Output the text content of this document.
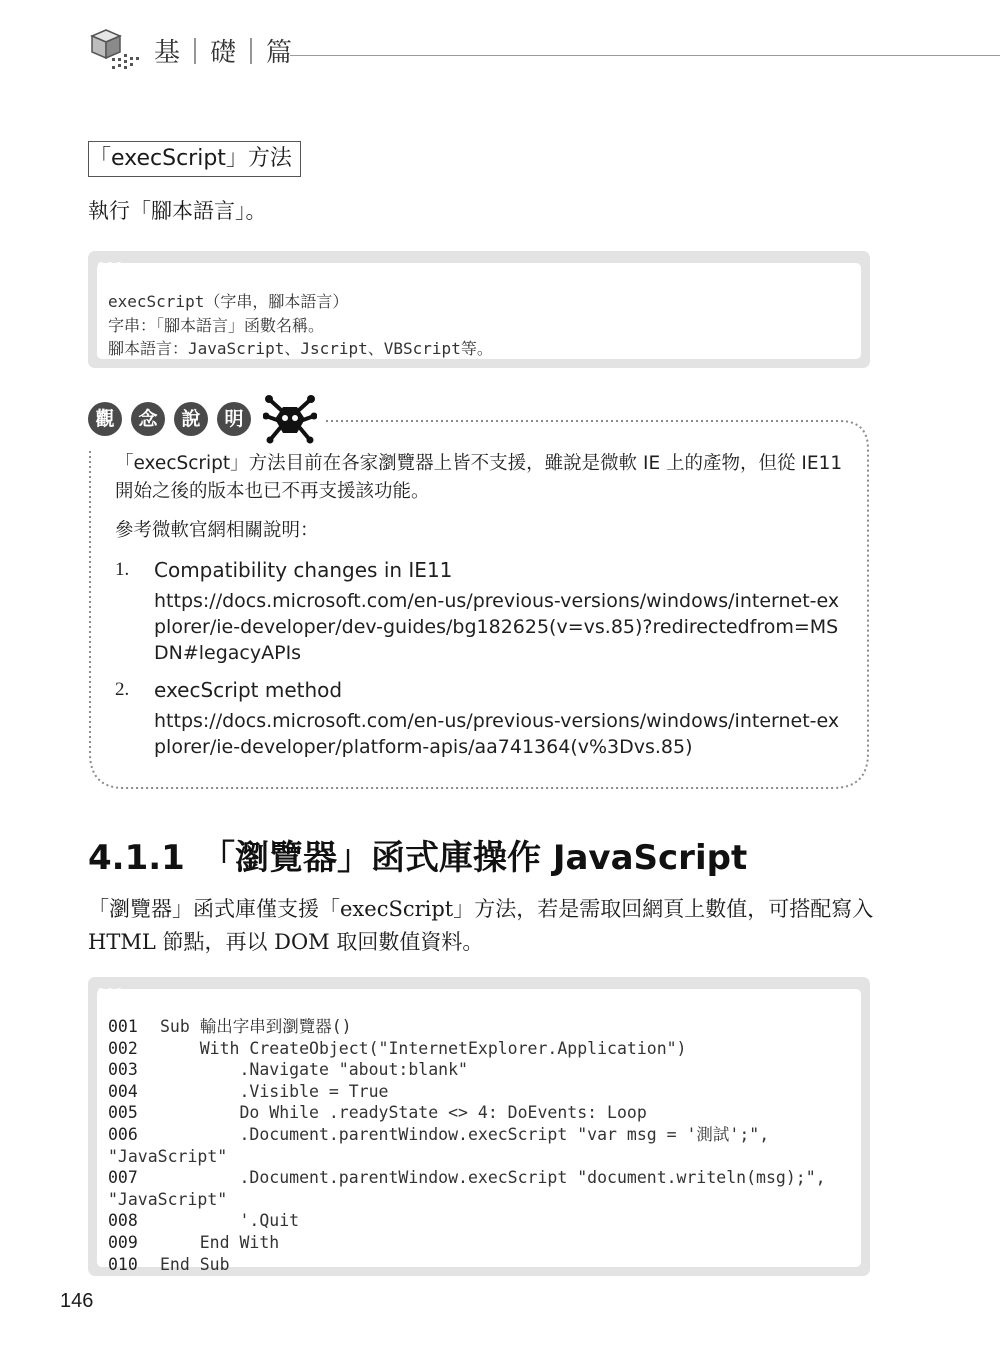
基｜礎｜篇
「execScript」方法
執行「腳本語言」。
execScript（字串，腳本語言）
字串：「腳本語言」函數名稱。
腳本語言：JavaScript、Jscript、VBScript等。
觀	念	說	明
「execScript」方法目前在各家瀏覽器上皆不支援，雖說是微軟 IE 上的產物，但從 IE11 開始之後的版本也已不再支援該功能。
參考微軟官網相關說明：
1. Compatibility changes in IE11
https://docs.microsoft.com/en-us/previous-versions/windows/internet-explorer/ie-developer/dev-guides/bg182625(v=vs.85)?redirectedfrom=MSDN#legacyAPIs
2. execScript method
https://docs.microsoft.com/en-us/previous-versions/windows/internet-explorer/ie-developer/platform-apis/aa741364(v%3Dvs.85)
4.1.1 「瀏覽器」函式庫操作 JavaScript
「瀏覽器」函式庫僅支援「execScript」方法，若是需取回網頁上數值，可搭配寫入 HTML 節點，再以 DOM 取回數值資料。
001 Sub 輸出字串到瀏覽器()
002    With CreateObject("InternetExplorer.Application")
003        .Navigate "about:blank"
004        .Visible = True
005        Do While .readyState <> 4: DoEvents: Loop
006        .Document.parentWindow.execScript "var msg = '測試';",
"JavaScript"
007        .Document.parentWindow.execScript "document.writeln(msg);",
"JavaScript"
008        '.Quit
009    End With
010 End Sub
146
